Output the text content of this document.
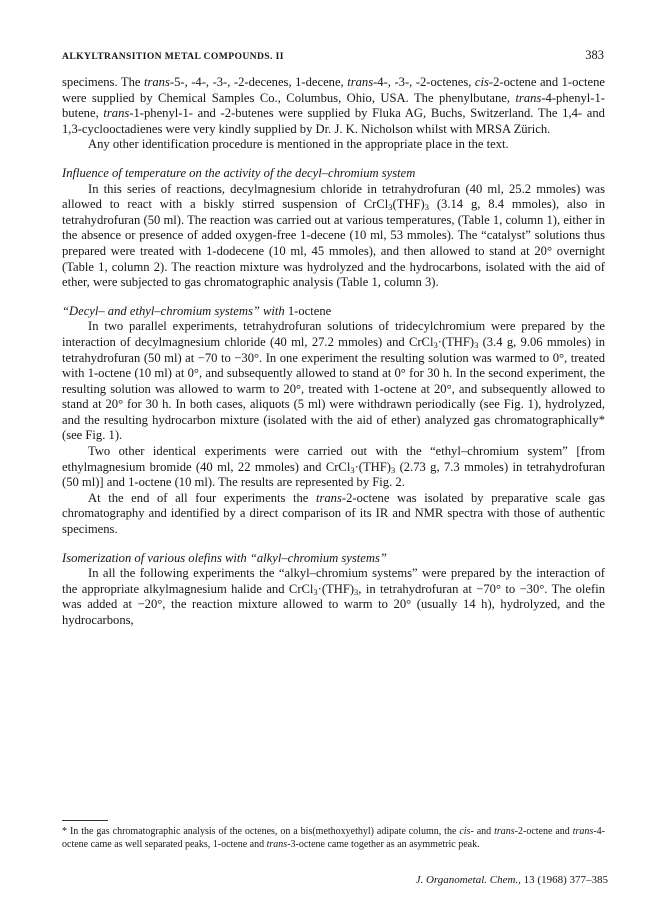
ALKYLTRANSITION METAL COMPOUNDS. II	383

specimens. The trans-5-, -4-, -3-, -2-decenes, 1-decene, trans-4-, -3-, -2-octenes, cis-2-octene and 1-octene were supplied by Chemical Samples Co., Columbus, Ohio, USA. The phenylbutane, trans-4-phenyl-1-butene, trans-1-phenyl-1- and -2-butenes were supplied by Fluka AG, Buchs, Switzerland. The 1,4- and 1,3-cyclooctadienes were very kindly supplied by Dr. J. K. Nicholson whilst with MRSA Zürich.

Any other identification procedure is mentioned in the appropriate place in the text.

Influence of temperature on the activity of the decyl–chromium system

In this series of reactions, decylmagnesium chloride in tetrahydrofuran (40 ml, 25.2 mmoles) was allowed to react with a biskly stirred suspension of $CrCl_3(THF)_3$ (3.14 g, 8.4 mmoles), also in tetrahydrofuran (50 ml). The reaction was carried out at various temperatures, (Table 1, column 1), either in the absence or presence of added oxygen-free 1-decene (10 ml, 53 mmoles). The “catalyst” solutions thus prepared were treated with 1-dodecene (10 ml, 45 mmoles), and then allowed to stand at 20° overnight (Table 1, column 2). The reaction mixture was hydrolyzed and the hydrocarbons, isolated with the aid of ether, were subjected to gas chromatographic analysis (Table 1, column 3).

“Decyl– and ethyl–chromium systems” with 1-octene

In two parallel experiments, tetrahydrofuran solutions of tridecylchromium were prepared by the interaction of decylmagnesium chloride (40 ml, 27.2 mmoles) and $CrCl_3\cdot(THF)_3$ (3.4 g, 9.06 mmoles) in tetrahydrofuran (50 ml) at −70 to −30°. In one experiment the resulting solution was warmed to 0°, treated with 1-octene (10 ml) at 0°, and subsequently allowed to stand at 0° for 30 h. In the second experiment, the resulting solution was allowed to warm to 20°, treated with 1-octene at 20°, and subsequently allowed to stand at 20° for 30 h. In both cases, aliquots (5 ml) were withdrawn periodically (see Fig. 1), hydrolyzed, and the resulting hydrocarbon mixture (isolated with the aid of ether) analyzed gas chromatographically* (see Fig. 1).

Two other identical experiments were carried out with the “ethyl–chromium system” [from ethylmagnesium bromide (40 ml, 22 mmoles) and $CrCl_3\cdot(THF)_3$ (2.73 g, 7.3 mmoles) in tetrahydrofuran (50 ml)] and 1-octene (10 ml). The results are represented by Fig. 2.

At the end of all four experiments the trans-2-octene was isolated by preparative scale gas chromatography and identified by a direct comparison of its IR and NMR spectra with those of authentic specimens.

Isomerization of various olefins with “alkyl–chromium systems”

In all the following experiments the “alkyl–chromium systems” were prepared by the interaction of the appropriate alkylmagnesium halide and $CrCl_3\cdot(THF)_3$, in tetrahydrofuran at −70° to −30°. The olefin was added at −20°, the reaction mixture allowed to warm to 20° (usually 14 h), hydrolyzed, and the hydrocarbons,

* In the gas chromatographic analysis of the octenes, on a bis(methoxyethyl) adipate column, the cis- and trans-2-octene and trans-4-octene came as well separated peaks, 1-octene and trans-3-octene came together as an asymmetric peak.
J. Organometal. Chem., 13 (1968) 377–385
